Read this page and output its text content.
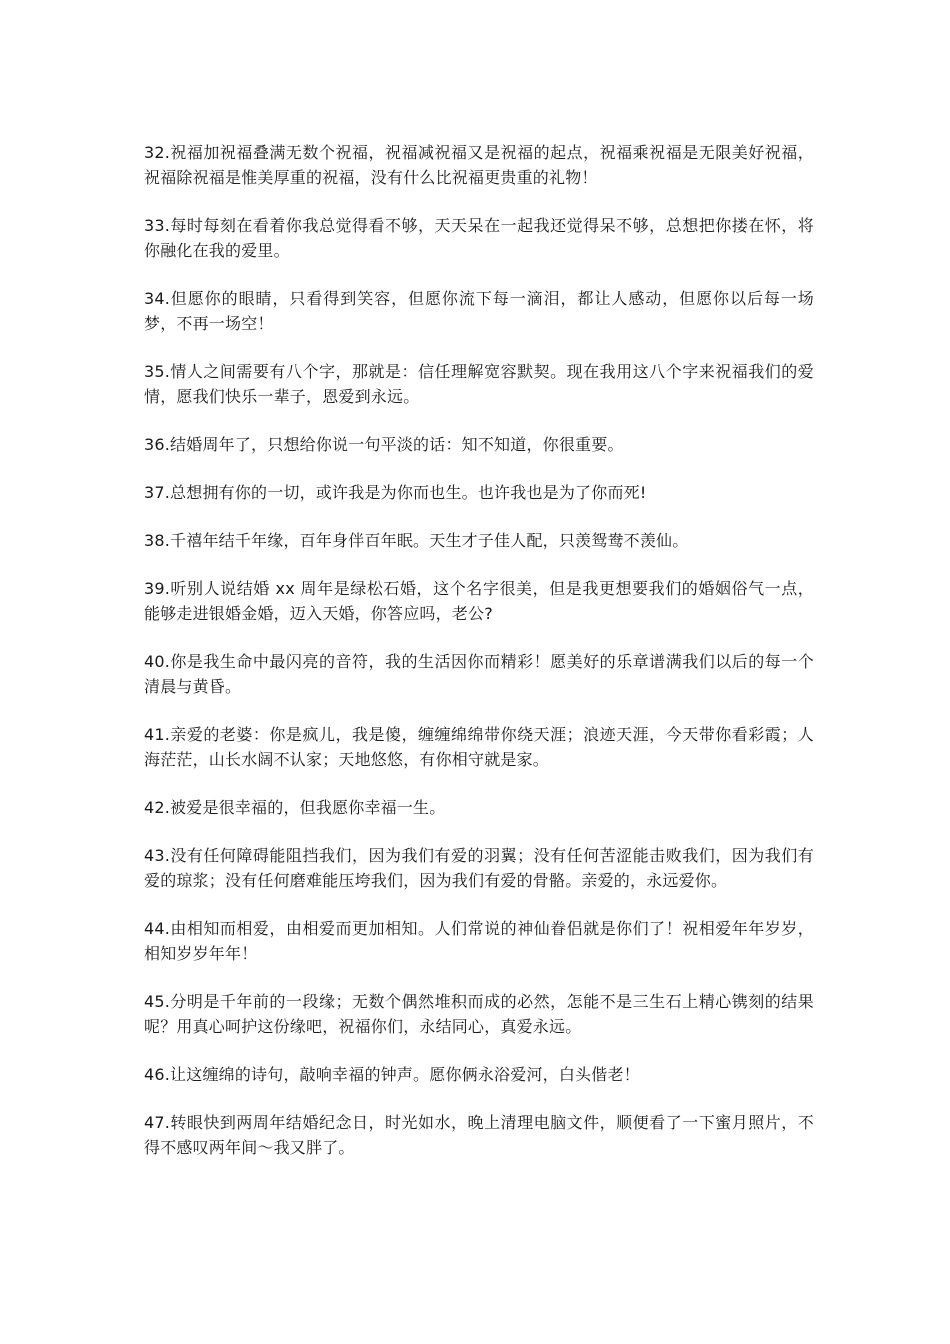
32.祝福加祝福叠满无数个祝福，祝福减祝福又是祝福的起点，祝福乘祝福是无限美好祝福，祝福除祝福是惟美厚重的祝福，没有什么比祝福更贵重的礼物！

33.每时每刻在看着你我总觉得看不够，天天呆在一起我还觉得呆不够，总想把你搂在怀，将你融化在我的爱里。

34.但愿你的眼睛，只看得到笑容，但愿你流下每一滴泪，都让人感动，但愿你以后每一场梦，不再一场空！

35.情人之间需要有八个字，那就是：信任理解宽容默契。现在我用这八个字来祝福我们的爱情，愿我们快乐一辈子，恩爱到永远。

36.结婚周年了，只想给你说一句平淡的话：知不知道，你很重要。

37.总想拥有你的一切，或许我是为你而也生。也许我也是为了你而死!

38.千禧年结千年缘，百年身伴百年眠。天生才子佳人配，只羡鸳鸯不羡仙。

39.听别人说结婚 xx 周年是绿松石婚，这个名字很美，但是我更想要我们的婚姻俗气一点，能够走进银婚金婚，迈入天婚，你答应吗，老公?

40.你是我生命中最闪亮的音符，我的生活因你而精彩！愿美好的乐章谱满我们以后的每一个清晨与黄昏。

41.亲爱的老婆：你是疯儿，我是傻，缠缠绵绵带你绕天涯；浪迹天涯，今天带你看彩霞；人海茫茫，山长水阔不认家；天地悠悠，有你相守就是家。

42.被爱是很幸福的，但我愿你幸福一生。

43.没有任何障碍能阻挡我们，因为我们有爱的羽翼；没有任何苦涩能击败我们，因为我们有爱的琼浆；没有任何磨难能压垮我们，因为我们有爱的骨骼。亲爱的，永远爱你。

44.由相知而相爱，由相爱而更加相知。人们常说的神仙眷侣就是你们了！祝相爱年年岁岁，相知岁岁年年！

45.分明是千年前的一段缘；无数个偶然堆积而成的必然，怎能不是三生石上精心镌刻的结果呢？用真心呵护这份缘吧，祝福你们，永结同心，真爱永远。

46.让这缠绵的诗句，敲响幸福的钟声。愿你俩永浴爱河，白头偕老！

47.转眼快到两周年结婚纪念日，时光如水，晚上清理电脑文件，顺便看了一下蜜月照片，不得不感叹两年间～我又胖了。
